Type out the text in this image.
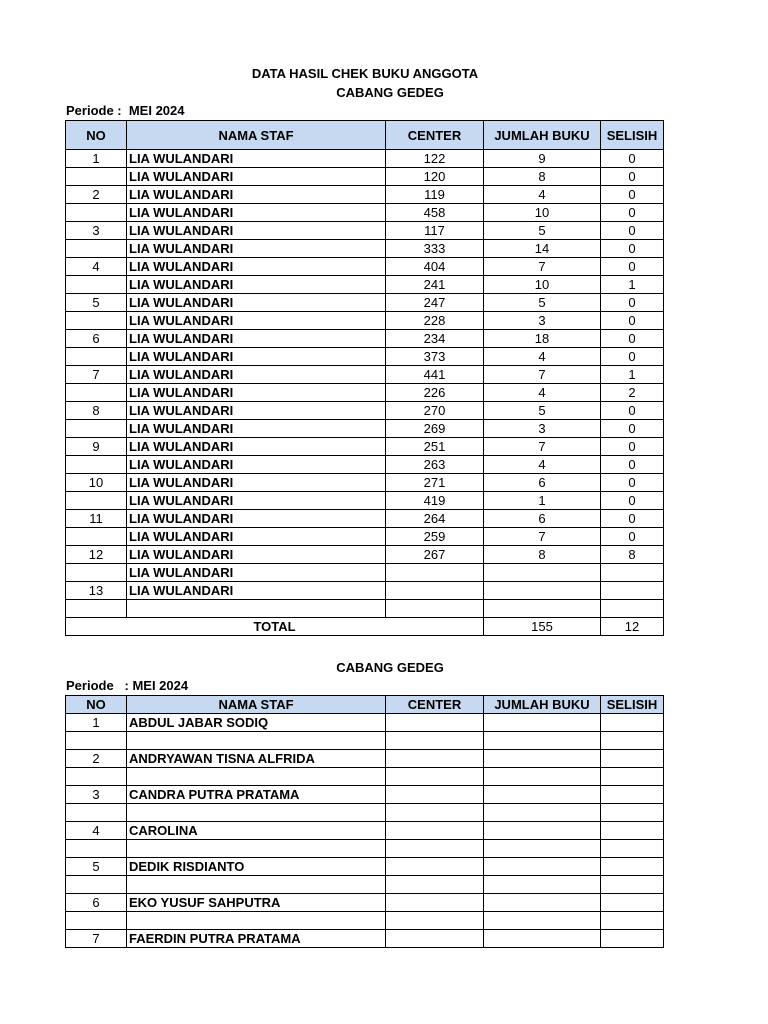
DATA HASIL CHEK BUKU ANGGOTA
CABANG GEDEG
Periode :  MEI 2024
NO	NAMA STAF	CENTER	JUMLAH BUKU	SELISIH
1	LIA WULANDARI	122	9	0
	LIA WULANDARI	120	8	0
2	LIA WULANDARI	119	4	0
	LIA WULANDARI	458	10	0
3	LIA WULANDARI	117	5	0
	LIA WULANDARI	333	14	0
4	LIA WULANDARI	404	7	0
	LIA WULANDARI	241	10	1
5	LIA WULANDARI	247	5	0
	LIA WULANDARI	228	3	0
6	LIA WULANDARI	234	18	0
	LIA WULANDARI	373	4	0
7	LIA WULANDARI	441	7	1
	LIA WULANDARI	226	4	2
8	LIA WULANDARI	270	5	0
	LIA WULANDARI	269	3	0
9	LIA WULANDARI	251	7	0
	LIA WULANDARI	263	4	0
10	LIA WULANDARI	271	6	0
	LIA WULANDARI	419	1	0
11	LIA WULANDARI	264	6	0
	LIA WULANDARI	259	7	0
12	LIA WULANDARI	267	8	8
	LIA WULANDARI			
13	LIA WULANDARI			

TOTAL			155	12
CABANG GEDEG
Periode   : MEI 2024
NO	NAMA STAF	CENTER	JUMLAH BUKU	SELISIH
1	ABDUL JABAR SODIQ			

2	ANDRYAWAN TISNA ALFRIDA			

3	CANDRA PUTRA PRATAMA			

4	CAROLINA			

5	DEDIK RISDIANTO			

6	EKO YUSUF SAHPUTRA			

7	FAERDIN PUTRA PRATAMA			
